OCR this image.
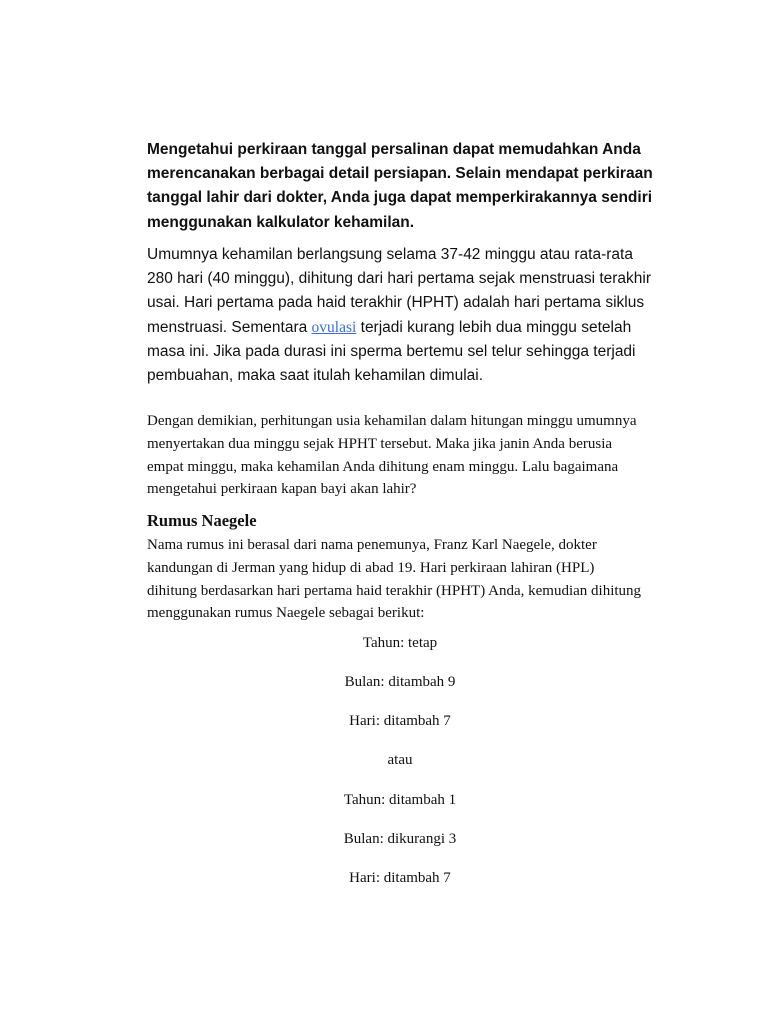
Mengetahui perkiraan tanggal persalinan dapat memudahkan Anda
merencanakan berbagai detail persiapan. Selain mendapat perkiraan
tanggal lahir dari dokter, Anda juga dapat memperkirakannya sendiri
menggunakan kalkulator kehamilan.

Umumnya kehamilan berlangsung selama 37-42 minggu atau rata-rata
280 hari (40 minggu), dihitung dari hari pertama sejak menstruasi terakhir
usai. Hari pertama pada haid terakhir (HPHT) adalah hari pertama siklus
menstruasi. Sementara ovulasi terjadi kurang lebih dua minggu setelah
masa ini. Jika pada durasi ini sperma bertemu sel telur sehingga terjadi
pembuahan, maka saat itulah kehamilan dimulai.

Dengan demikian, perhitungan usia kehamilan dalam hitungan minggu umumnya
menyertakan dua minggu sejak HPHT tersebut. Maka jika janin Anda berusia
empat minggu, maka kehamilan Anda dihitung enam minggu. Lalu bagaimana
mengetahui perkiraan kapan bayi akan lahir?

Rumus Naegele

Nama rumus ini berasal dari nama penemunya, Franz Karl Naegele, dokter
kandungan di Jerman yang hidup di abad 19. Hari perkiraan lahiran (HPL)
dihitung berdasarkan hari pertama haid terakhir (HPHT) Anda, kemudian dihitung
menggunakan rumus Naegele sebagai berikut:

Tahun: tetap
Bulan: ditambah 9
Hari: ditambah 7
atau
Tahun: ditambah 1
Bulan: dikurangi 3
Hari: ditambah 7
